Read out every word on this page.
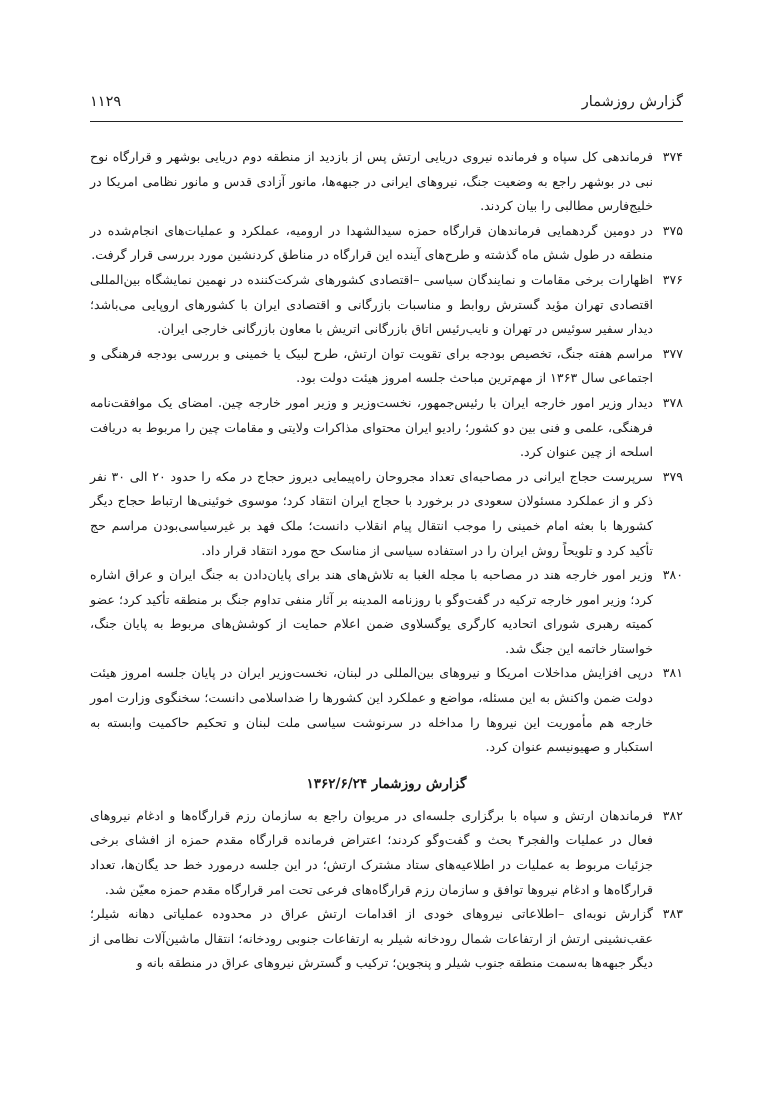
گزارش روزشمار
۱۱۲۹
۳۷۴
فرماندهی کل سپاه و فرمانده نیروی دریایی ارتش پس از بازدید از منطقه دوم دریایی بوشهر و قرارگاه نوح نبی در بوشهر راجع به وضعیت جنگ، نیروهای ایرانی در جبهه‌ها، مانور آزادی قدس و مانور نظامی امریکا در خلیج‌فارس مطالبی را بیان کردند.
۳۷۵
در دومین گردهمایی فرماندهان قرارگاه حمزه سیدالشهدا در ارومیه، عملکرد و عملیات‌های انجام‌شده در منطقه در طول شش ماه گذشته و طرح‌های آینده این قرارگاه در مناطق کردنشین مورد بررسی قرار گرفت.
۳۷۶
اظهارات برخی مقامات و نمایندگان سیاسی –اقتصادی کشورهای شرکت‌کننده در نهمین نمایشگاه بین‌المللی اقتصادی تهران مؤید گسترش روابط و مناسبات بازرگانی و اقتصادی ایران با کشورهای اروپایی می‌باشد؛ دیدار سفیر سوئیس در تهران و نایب‌رئیس اتاق بازرگانی اتریش با معاون بازرگانی خارجی ایران.
۳۷۷
مراسم هفته جنگ، تخصیص بودجه برای تقویت توان ارتش، طرح لبیک یا خمینی و بررسی بودجه فرهنگی و اجتماعی سال ۱۳۶۳ از مهم‌ترین مباحث جلسه امروز هیئت دولت بود.
۳۷۸
دیدار وزیر امور خارجه ایران با رئیس‌جمهور، نخست‌وزیر و وزیر امور خارجه چین. امضای یک موافقت‌نامه فرهنگی، علمی و فنی بین دو کشور؛ رادیو ایران محتوای مذاکرات ولایتی و مقامات چین را مربوط به دریافت اسلحه از چین عنوان کرد.
۳۷۹
سرپرست حجاج ایرانی در مصاحبه‌ای تعداد مجروحان راه‌پیمایی دیروز حجاج در مکه را حدود ۲۰ الی ۳۰ نفر ذکر و از عملکرد مسئولان سعودی در برخورد با حجاج ایران انتقاد کرد؛ موسوی خوئینی‌ها ارتباط حجاج دیگر کشورها با بعثه امام خمینی را موجب انتقال پیام انقلاب دانست؛ ملک فهد بر غیرسیاسی‌بودن مراسم حج تأکید کرد و تلویحاً روش ایران را در استفاده سیاسی از مناسک حج مورد انتقاد قرار داد.
۳۸۰
وزیر امور خارجه هند در مصاحبه با مجله الغبا به تلاش‌های هند برای پایان‌دادن به جنگ ایران و عراق اشاره کرد؛ وزیر امور خارجه ترکیه در گفت‌وگو با روزنامه المدینه بر آثار منفی تداوم جنگ بر منطقه تأکید کرد؛ عضو کمیته رهبری شورای اتحادیه کارگری یوگسلاوی ضمن اعلام حمایت از کوشش‌های مربوط به پایان جنگ، خواستار خاتمه این جنگ شد.
۳۸۱
درپی افزایش مداخلات امریکا و نیروهای بین‌المللی در لبنان، نخست‌وزیر ایران در پایان جلسه امروز هیئت دولت ضمن واکنش به این مسئله، مواضع و عملکرد این کشورها را ضداسلامی دانست؛ سخنگوی وزارت امور خارجه هم مأموریت این نیروها را مداخله در سرنوشت سیاسی ملت لبنان و تحکیم حاکمیت وابسته به استکبار و صهیونیسم عنوان کرد.
گزارش روزشمار ۱۳۶۲/۶/۲۴
۳۸۲
فرماندهان ارتش و سپاه با برگزاری جلسه‌ای در مریوان راجع به سازمان رزم قرارگاه‌ها و ادغام نیروهای فعال در عملیات والفجر۴ بحث و گفت‌وگو کردند؛ اعتراض فرمانده قرارگاه مقدم حمزه از افشای برخی جزئیات مربوط به عملیات در اطلاعیه‌های ستاد مشترک ارتش؛ در این جلسه درمورد خط حد یگان‌ها، تعداد قرارگاه‌ها و ادغام نیروها توافق و سازمان رزم قرارگاه‌های فرعی تحت امر قرارگاه مقدم حمزه معیّن شد.
۳۸۳
گزارش نوبه‌ای –اطلاعاتی نیروهای خودی از اقدامات ارتش عراق در محدوده عملیاتی دهانه شیلر؛ عقب‌نشینی ارتش از ارتفاعات شمال رودخانه شیلر به ارتفاعات جنوبی رودخانه؛ انتقال ماشین‌آلات نظامی از دیگر جبهه‌ها به‌سمت منطقه جنوب شیلر و پنجوین؛ ترکیب و گسترش نیروهای عراق در منطقه بانه و
